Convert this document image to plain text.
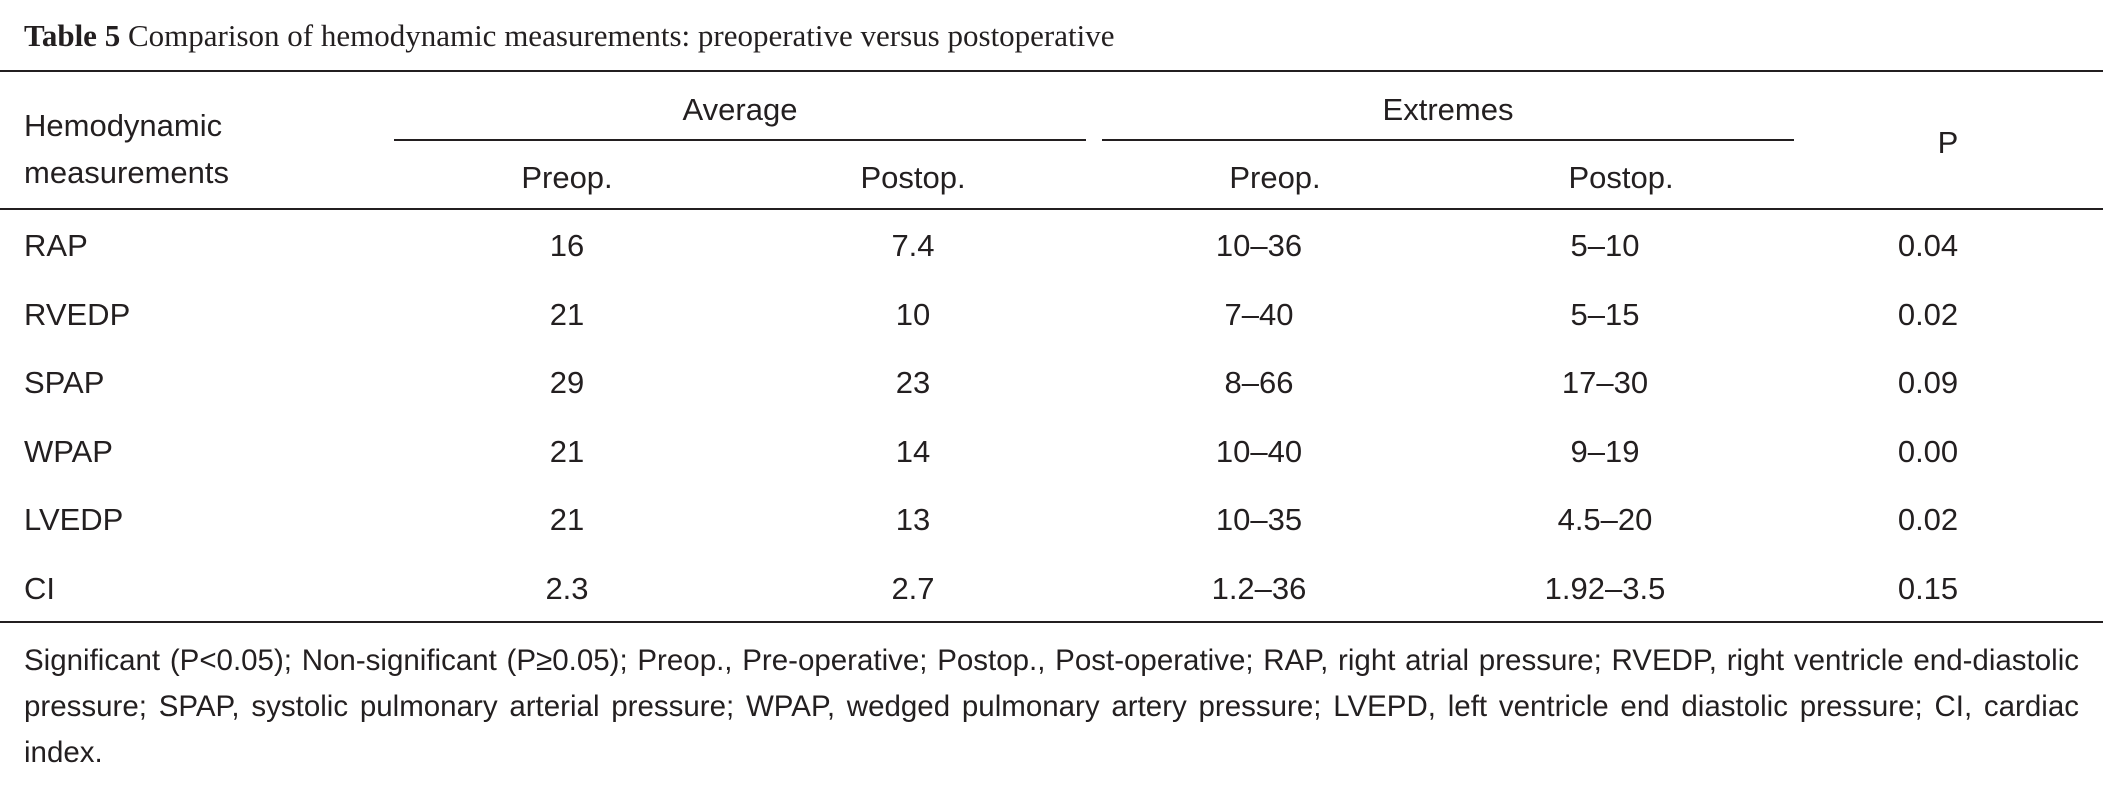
Table 5 Comparison of hemodynamic measurements: preoperative versus postoperative
Hemodynamic measurements
Average	Extremes
Preop.	Postop.	Preop.	Postop.
P
	RAP	16	7.4	10–36	5–10	0.04
	RVEDP	21	10	7–40	5–15	0.02
	SPAP	29	23	8–66	17–30	0.09
	WPAP	21	14	10–40	9–19	0.00
	LVEDP	21	13	10–35	4.5–20	0.02
	CI	2.3	2.7	1.2–36	1.92–3.5	0.15
Significant (P<0.05); Non-significant (P≥0.05); Preop., Pre-operative; Postop., Post-operative; RAP, right atrial pressure; RVEDP, right ventricle end-diastolic pressure; SPAP, systolic pulmonary arterial pressure; WPAP, wedged pulmonary artery pressure; LVEPD, left ventricle end diastolic pressure; CI, cardiac index.
